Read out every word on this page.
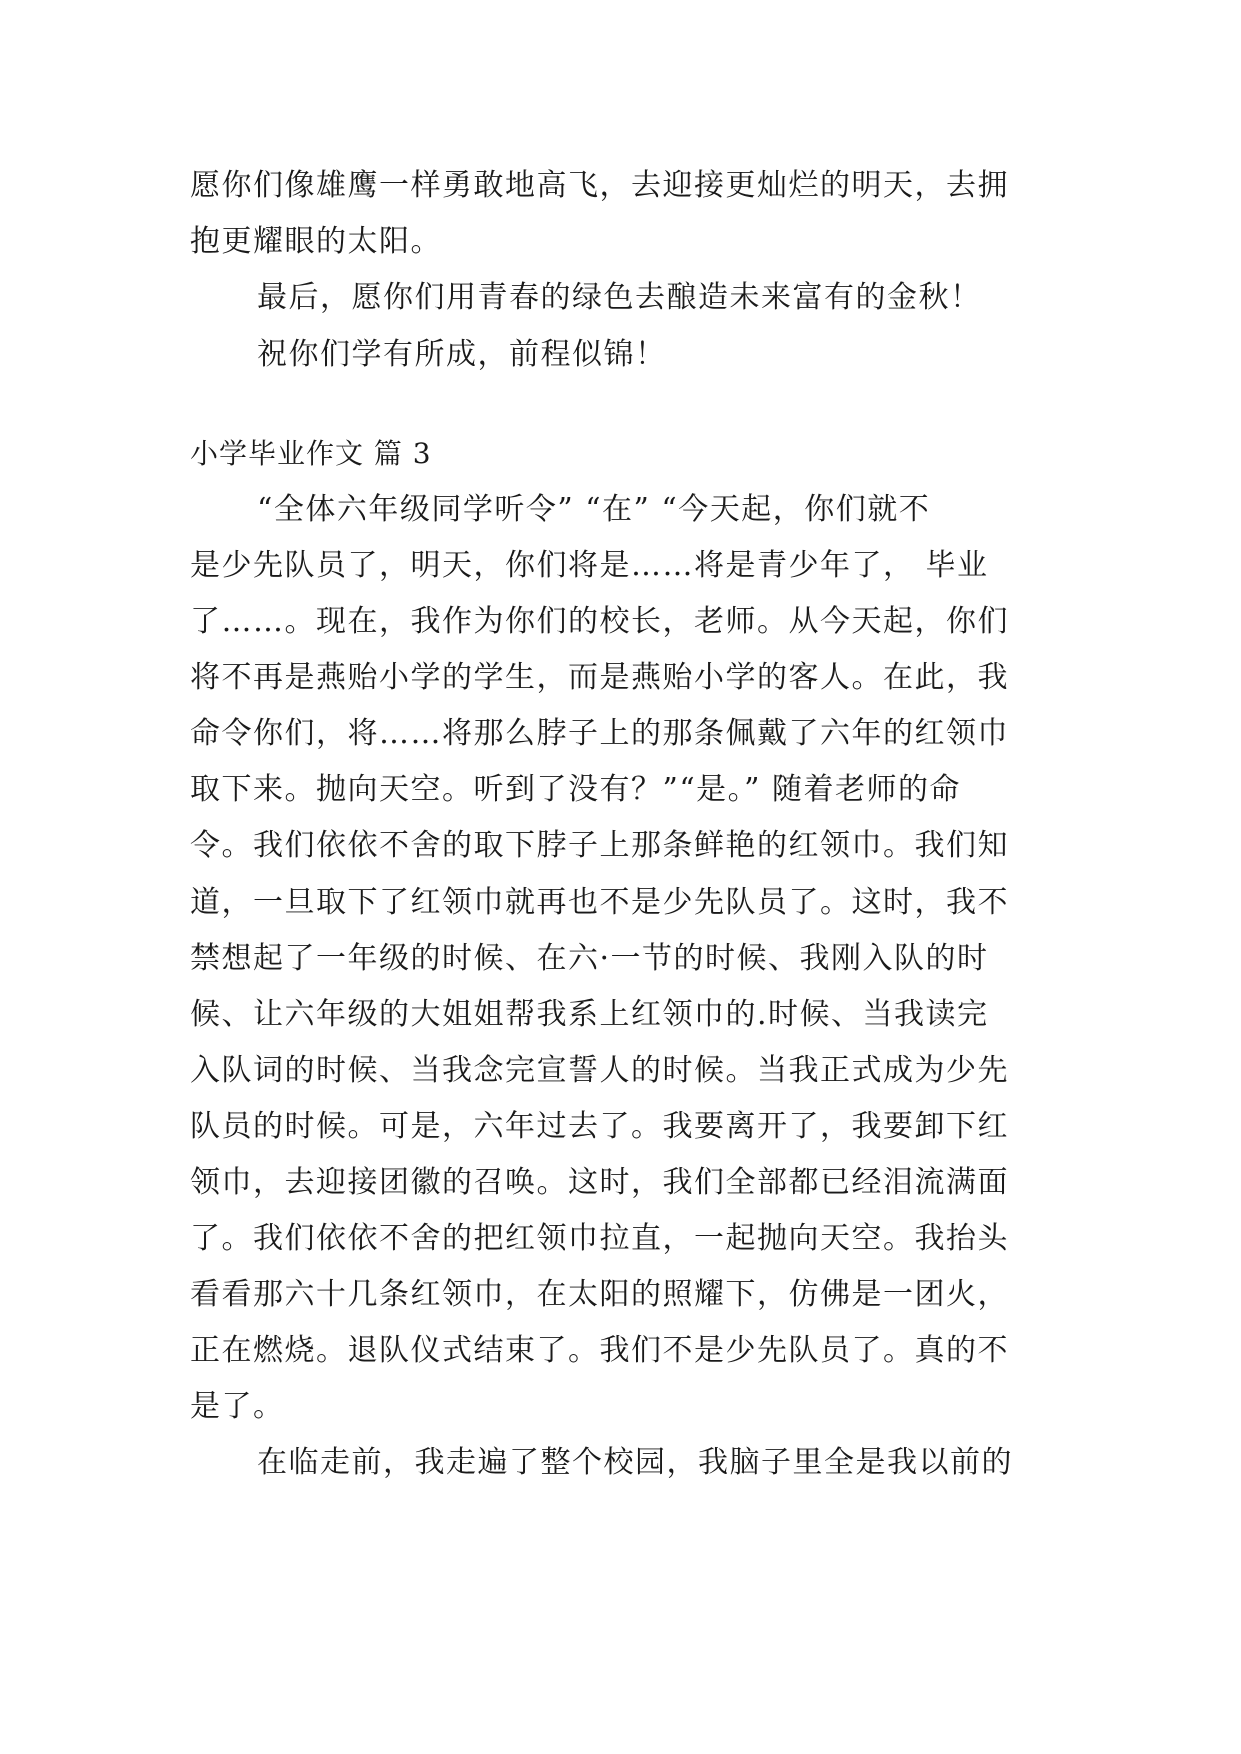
愿你们像雄鹰一样勇敢地高飞，去迎接更灿烂的明天，去拥
抱更耀眼的太阳。
最后，愿你们用青春的绿色去酿造未来富有的金秋！
祝你们学有所成，前程似锦！
小学毕业作文 篇 3
“全体六年级同学听令” “在” “今天起，你们就不
是少先队员了，明天，你们将是……将是青少年了， 毕业
了……。现在，我作为你们的校长，老师。从今天起，你们
将不再是燕贻小学的学生，而是燕贻小学的客人。在此，我
命令你们，将……将那么脖子上的那条佩戴了六年的红领巾
取下来。抛向天空。听到了没有？”“是。” 随着老师的命
令。我们依依不舍的取下脖子上那条鲜艳的红领巾。我们知
道，一旦取下了红领巾就再也不是少先队员了。这时，我不
禁想起了一年级的时候、在六·一节的时候、我刚入队的时
候、让六年级的大姐姐帮我系上红领巾的.时候、当我读完
入队词的时候、当我念完宣誓人的时候。当我正式成为少先
队员的时候。可是，六年过去了。我要离开了，我要卸下红
领巾，去迎接团徽的召唤。这时，我们全部都已经泪流满面
了。我们依依不舍的把红领巾拉直，一起抛向天空。我抬头
看看那六十几条红领巾，在太阳的照耀下，仿佛是一团火，
正在燃烧。退队仪式结束了。我们不是少先队员了。真的不
是了。
在临走前，我走遍了整个校园，我脑子里全是我以前的
